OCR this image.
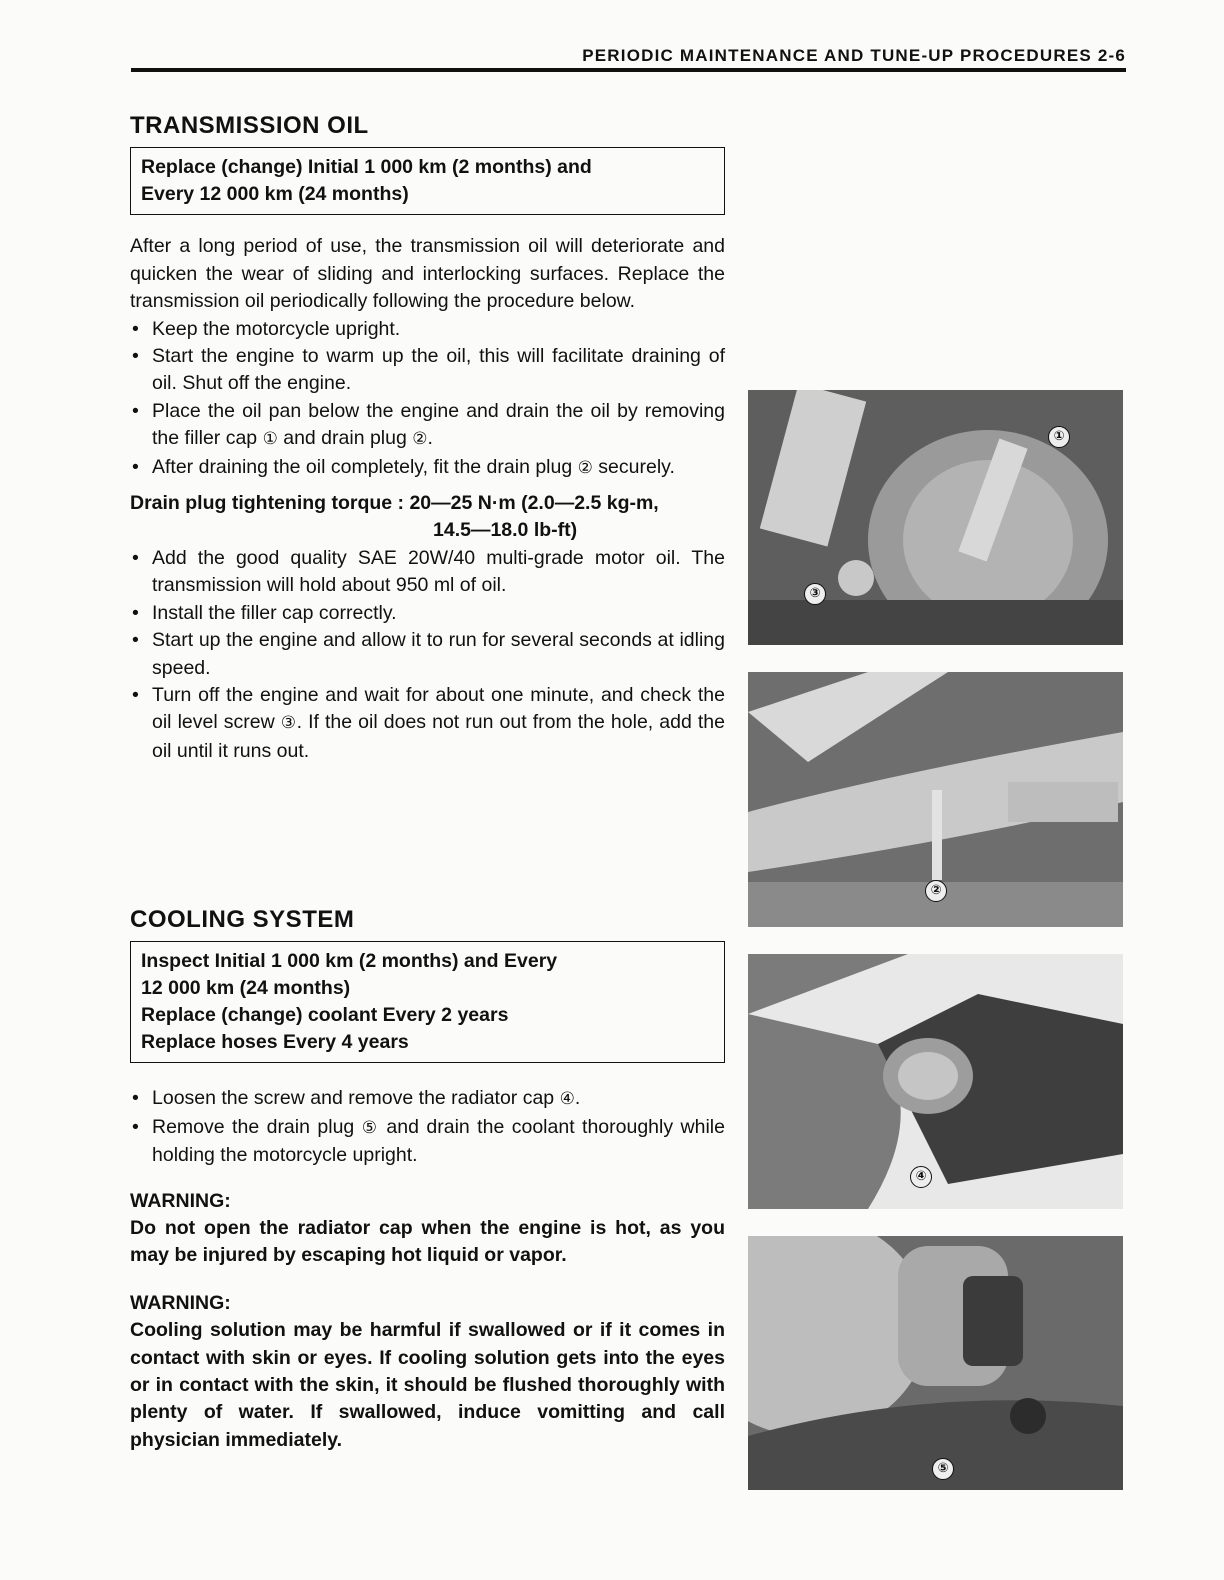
PERIODIC MAINTENANCE AND TUNE-UP PROCEDURES 2-6
TRANSMISSION OIL

Replace (change) Initial 1 000 km (2 months) and

Every 12 000 km (24 months)

After a long period of use, the transmission oil will deteriorate and quicken the wear of sliding and interlocking surfaces. Replace the transmission oil periodically following the procedure below.

• Keep the motorcycle upright.
• Start the engine to warm up the oil, this will facilitate draining of oil. Shut off the engine.
• Place the oil pan below the engine and drain the oil by removing the filler cap ① and drain plug ②.
• After draining the oil completely, fit the drain plug ② securely.

Drain plug tightening torque : 20—25 N·m (2.0—2.5 kg-m,
14.5—18.0 lb-ft)

• Add the good quality SAE 20W/40 multi-grade motor oil. The transmission will hold about 950 ml of oil.
• Install the filler cap correctly.
• Start up the engine and allow it to run for several seconds at idling speed.
• Turn off the engine and wait for about one minute, and check the oil level screw ③. If the oil does not run out from the hole, add the oil until it runs out.
COOLING SYSTEM

Inspect Initial 1 000 km (2 months) and Every

12 000 km (24 months)

Replace (change) coolant Every 2 years

Replace hoses Every 4 years

• Loosen the screw and remove the radiator cap ④.
• Remove the drain plug ⑤ and drain the coolant thoroughly while holding the motorcycle upright.

WARNING:

Do not open the radiator cap when the engine is hot, as you may be injured by escaping hot liquid or vapor.

WARNING:

Cooling solution may be harmful if swallowed or if it comes in contact with skin or eyes. If cooling solution gets into the eyes or in contact with the skin, it should be flushed thoroughly with plenty of water. If swallowed, induce vomitting and call physician immediately.

①
③
②
④
⑤
